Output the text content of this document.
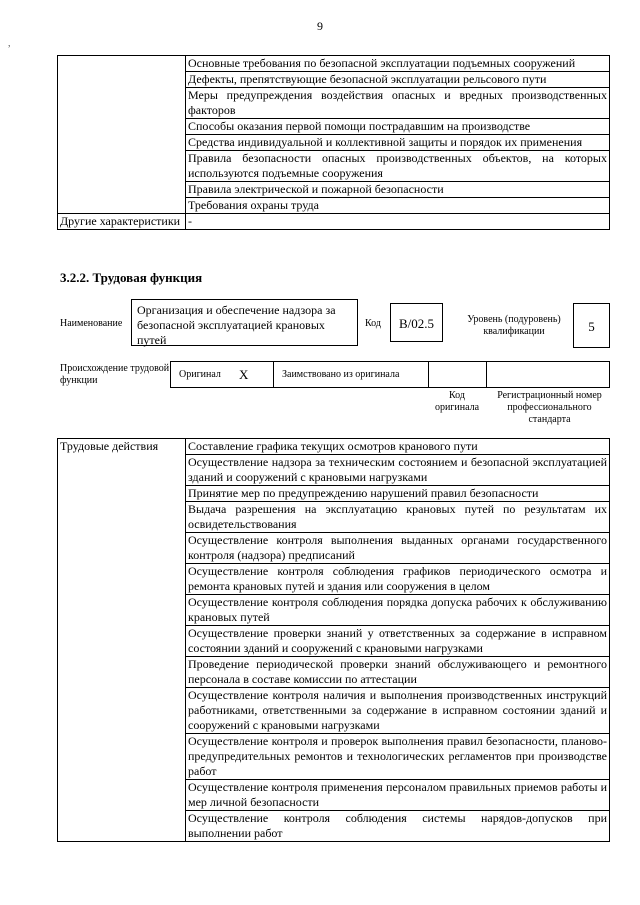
9
,
	Основные требования по безопасной эксплуатации подъемных сооружений
	Дефекты, препятствующие безопасной эксплуатации рельсового пути
	Меры предупреждения воздействия опасных и вредных производственных факторов
	Способы оказания первой помощи пострадавшим на производстве
	Средства индивидуальной и коллективной защиты и порядок их применения
	Правила безопасности опасных производственных объектов, на которых используются подъемные сооружения
	Правила электрической и пожарной безопасности
	Требования охраны труда
Другие характеристики	-
3.2.2. Трудовая функция
Наименование
Организация и обеспечение надзора за безопасной эксплуатацией крановых путей
Код	B/02.5	Уровень (подуровень) квалификации	5
Происхождение трудовой функции
Оригинал X	Заимствовано из оригинала
Код оригинала
Регистрационный номер профессионального стандарта
Трудовые действия	Составление графика текущих осмотров кранового пути
Осуществление надзора за техническим состоянием и безопасной эксплуатацией зданий и сооружений с крановыми нагрузками
Принятие мер по предупреждению нарушений правил безопасности
Выдача разрешения на эксплуатацию крановых путей по результатам их освидетельствования
Осуществление контроля выполнения выданных органами государственного контроля (надзора) предписаний
Осуществление контроля соблюдения графиков периодического осмотра и ремонта крановых путей и здания или сооружения в целом
Осуществление контроля соблюдения порядка допуска рабочих к обслуживанию крановых путей
Осуществление проверки знаний у ответственных за содержание в исправном состоянии зданий и сооружений с крановыми нагрузками
Проведение периодической проверки знаний обслуживающего и ремонтного персонала в составе комиссии по аттестации
Осуществление контроля наличия и выполнения производственных инструкций работниками, ответственными за содержание в исправном состоянии зданий и сооружений с крановыми нагрузками
Осуществление контроля и проверок выполнения правил безопасности, планово-предупредительных ремонтов и технологических регламентов при производстве работ
Осуществление контроля применения персоналом правильных приемов работы и мер личной безопасности
Осуществление контроля соблюдения системы нарядов-допусков при выполнении работ
